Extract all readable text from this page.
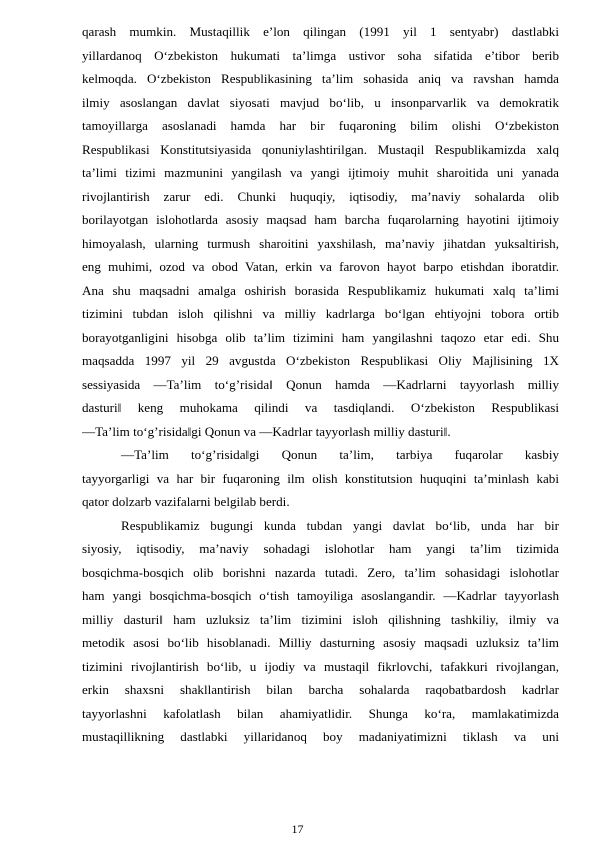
qarash mumkin. Mustaqillik e’lon qilingan (1991 yil 1 sentyabr) dastlabki
yillardanoq O‘zbekiston hukumati ta’limga ustivor soha sifatida e’tibor berib
kelmoqda. O‘zbekiston Respublikasining ta’lim sohasida aniq va ravshan hamda
ilmiy asoslangan davlat siyosati mavjud bo‘lib, u insonparvarlik va demokratik
tamoyillarga asoslanadi hamda har bir fuqaroning bilim olishi O‘zbekiston
Respublikasi Konstitutsiyasida qonuniylashtirilgan. Mustaqil Respublikamizda xalq
ta’limi tizimi mazmunini yangilash va yangi ijtimoiy muhit sharoitida uni yanada
rivojlantirish zarur edi. Chunki huquqiy, iqtisodiy, ma’naviy sohalarda olib
borilayotgan islohotlarda asosiy maqsad ham barcha fuqarolarning hayotini ijtimoiy
himoyalash, ularning turmush sharoitini yaxshilash, ma’naviy jihatdan yuksaltirish,
eng muhimi, ozod va obod Vatan, erkin va farovon hayot barpo etishdan iboratdir.
Ana shu maqsadni amalga oshirish borasida Respublikamiz hukumati xalq ta’limi
tizimini tubdan isloh qilishni va milliy kadrlarga bo‘lgan ehtiyojni tobora ortib
borayotganligini hisobga olib ta’lim tizimini ham yangilashni taqozo etar edi. Shu
maqsadda 1997 yil 29 avgustda O‘zbekiston Respublikasi Oliy Majlisining 1X
sessiyasida ―Ta’lim to‘g’risida‖ Qonun hamda ―Kadrlarni tayyorlash milliy
dasturi‖ keng muhokama qilindi va tasdiqlandi. O‘zbekiston Respublikasi
―Ta’lim to‘g’risida‖gi Qonun va ―Kadrlar tayyorlash milliy dasturi‖.
―Ta’lim to‘g’risida‖gi Qonun ta’lim, tarbiya fuqarolar kasbiy
tayyorgarligi va har bir fuqaroning ilm olish konstitutsion huquqini ta’minlash kabi
qator dolzarb vazifalarni belgilab berdi.
Respublikamiz bugungi kunda tubdan yangi davlat bo‘lib, unda har bir
siyosiy, iqtisodiy, ma’naviy sohadagi islohotlar ham yangi ta’lim tizimida
bosqichma-bosqich olib borishni nazarda tutadi. Zero, ta’lim sohasidagi islohotlar
ham yangi bosqichma-bosqich o‘tish tamoyiliga asoslangandir. ―Kadrlar tayyorlash
milliy dasturi‖ ham uzluksiz ta’lim tizimini isloh qilishning tashkiliy, ilmiy va
metodik asosi bo‘lib hisoblanadi. Milliy dasturning asosiy maqsadi uzluksiz ta’lim
tizimini rivojlantirish bo‘lib, u ijodiy va mustaqil fikrlovchi, tafakkuri rivojlangan,
erkin shaxsni shakllantirish bilan barcha sohalarda raqobatbardosh kadrlar
tayyorlashni kafolatlash bilan ahamiyatlidir. Shunga ko‘ra, mamlakatimizda
mustaqillikning dastlabki yillaridanoq boy madaniyatimizni tiklash va uni
17
